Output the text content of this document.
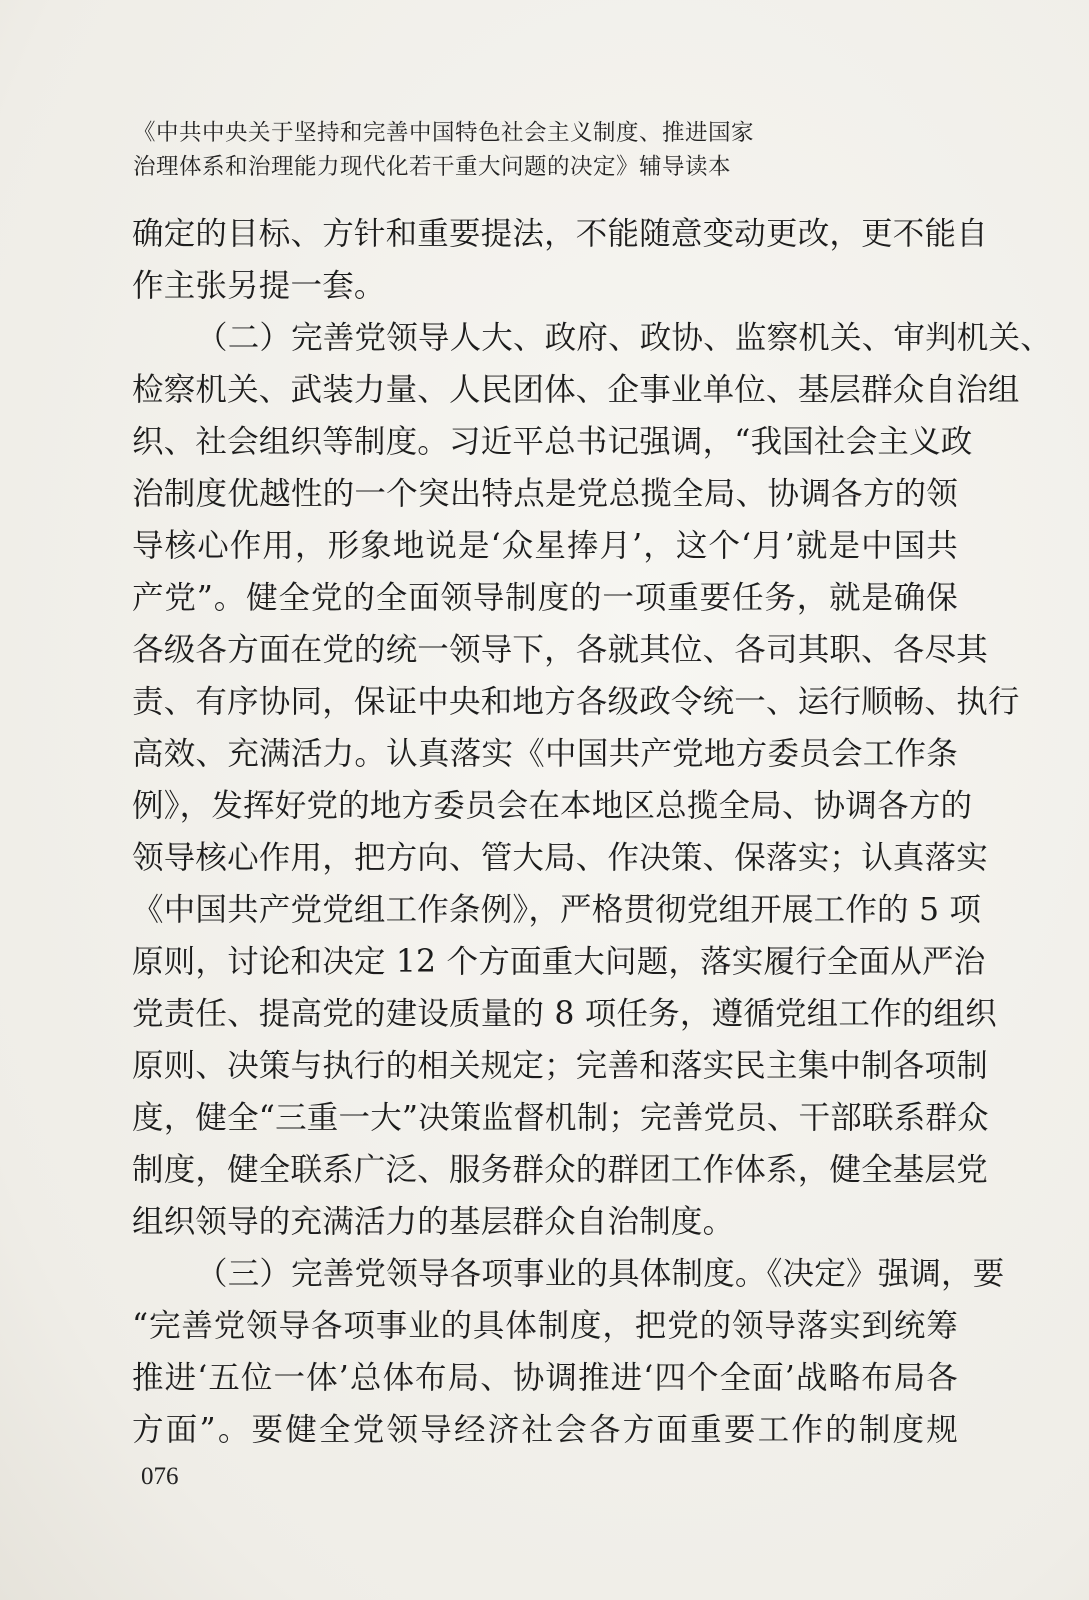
《中共中央关于坚持和完善中国特色社会主义制度、推进国家
治理体系和治理能力现代化若干重大问题的决定》辅导读本
确定的目标、方针和重要提法，不能随意变动更改，更不能自
作主张另提一套。
（二）完善党领导人大、政府、政协、监察机关、审判机关、
检察机关、武装力量、人民团体、企事业单位、基层群众自治组
织、社会组织等制度。习近平总书记强调，“我国社会主义政
治制度优越性的一个突出特点是党总揽全局、协调各方的领
导核心作用，形象地说是‘众星捧月’，这个‘月’就是中国共
产党”。健全党的全面领导制度的一项重要任务，就是确保
各级各方面在党的统一领导下，各就其位、各司其职、各尽其
责、有序协同，保证中央和地方各级政令统一、运行顺畅、执行
高效、充满活力。认真落实《中国共产党地方委员会工作条
例》，发挥好党的地方委员会在本地区总揽全局、协调各方的
领导核心作用，把方向、管大局、作决策、保落实；认真落实
《中国共产党党组工作条例》，严格贯彻党组开展工作的 5 项
原则，讨论和决定 12 个方面重大问题，落实履行全面从严治
党责任、提高党的建设质量的 8 项任务，遵循党组工作的组织
原则、决策与执行的相关规定；完善和落实民主集中制各项制
度，健全“三重一大”决策监督机制；完善党员、干部联系群众
制度，健全联系广泛、服务群众的群团工作体系，健全基层党
组织领导的充满活力的基层群众自治制度。
（三）完善党领导各项事业的具体制度。《决定》强调，要
“完善党领导各项事业的具体制度，把党的领导落实到统筹
推进‘五位一体’总体布局、协调推进‘四个全面’战略布局各
方面”。要健全党领导经济社会各方面重要工作的制度规
076
